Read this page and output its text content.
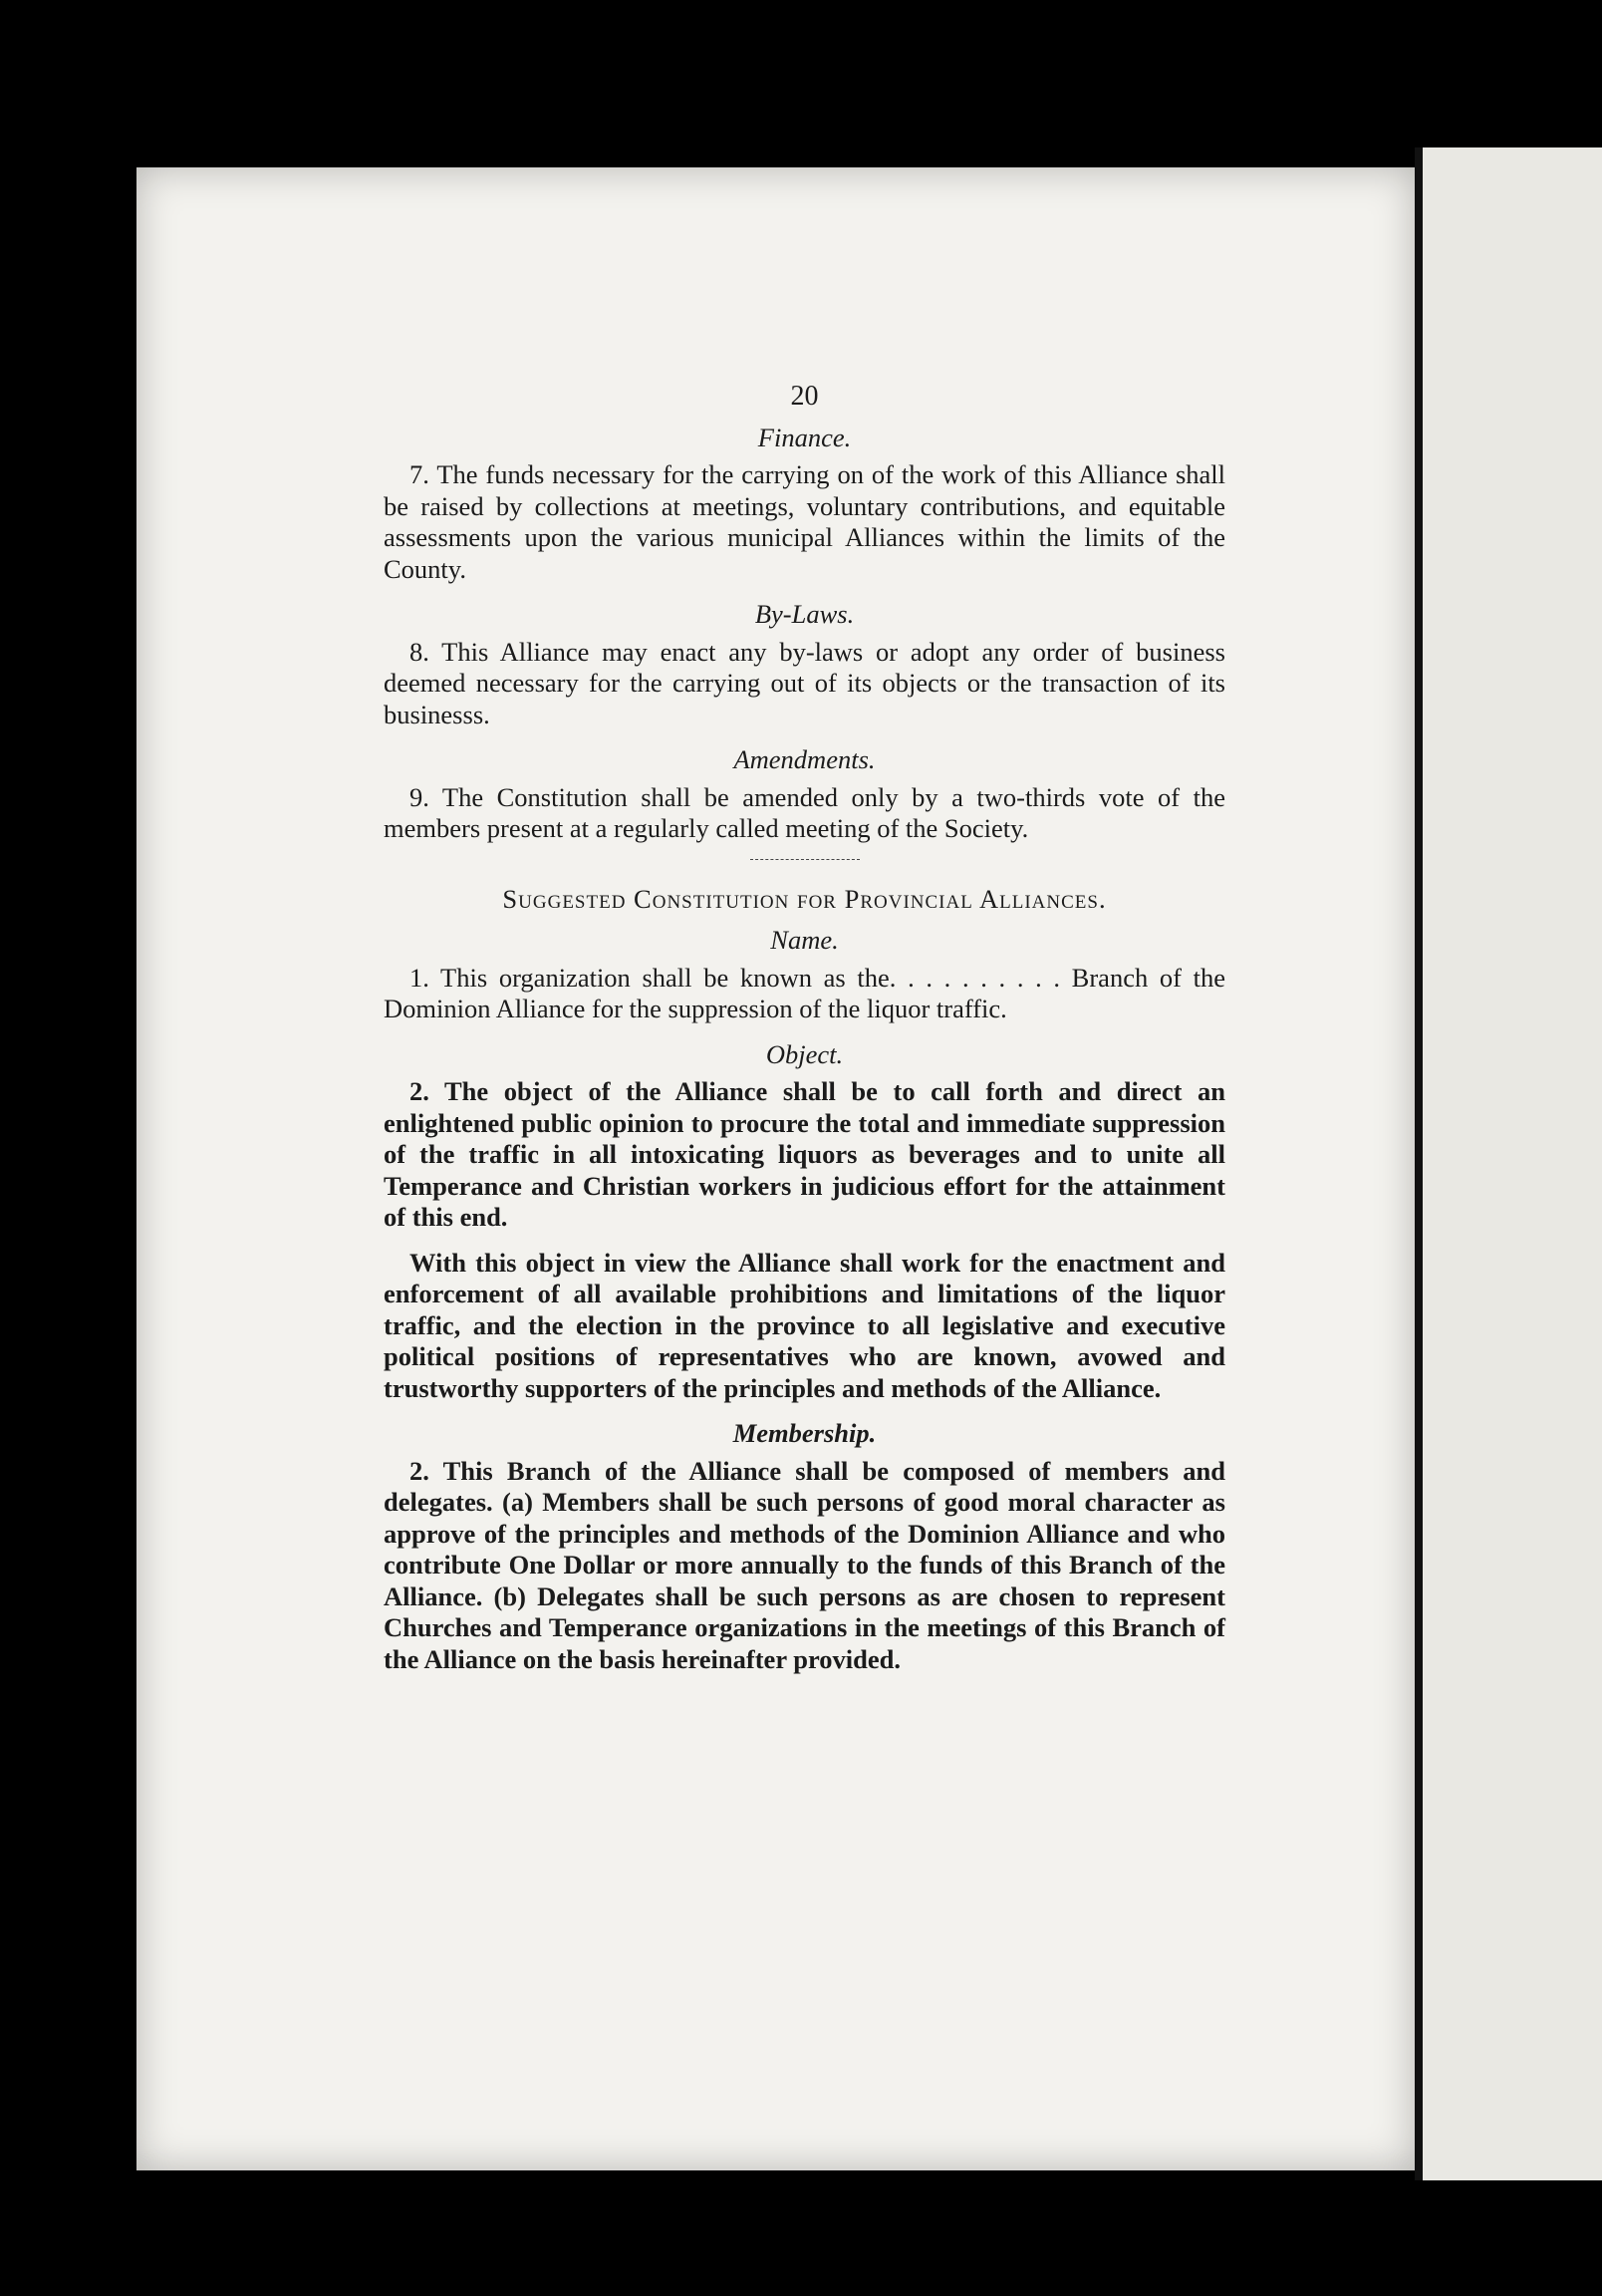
20
Finance.

7. The funds necessary for the carrying on of the work of this Alliance shall be raised by collections at meetings, voluntary contributions, and equitable assessments upon the various municipal Alliances within the limits of the County.

By-Laws.

8. This Alliance may enact any by-laws or adopt any order of business deemed necessary for the carrying out of its objects or the transaction of its businesss.

Amendments.

9. The Constitution shall be amended only by a two-thirds vote of the members present at a regularly called meeting of the Society.

Suggested Constitution for Provincial Alliances.
Name.

1. This organization shall be known as the. . . . . . . . . . Branch of the Dominion Alliance for the suppression of the liquor traffic.

Object.

2. The object of the Alliance shall be to call forth and direct an enlightened public opinion to procure the total and immediate suppression of the traffic in all intoxicating liquors as beverages and to unite all Temperance and Christian workers in judicious effort for the attainment of this end.

With this object in view the Alliance shall work for the enactment and enforcement of all available prohibitions and limitations of the liquor traffic, and the election in the province to all legislative and executive political positions of representatives who are known, avowed and trustworthy supporters of the principles and methods of the Alliance.

Membership.

2. This Branch of the Alliance shall be composed of members and delegates. (a) Members shall be such persons of good moral character as approve of the principles and methods of the Dominion Alliance and who contribute One Dollar or more annually to the funds of this Branch of the Alliance. (b) Delegates shall be such persons as are chosen to represent Churches and Temperance organizations in the meetings of this Branch of the Alliance on the basis hereinafter provided.
